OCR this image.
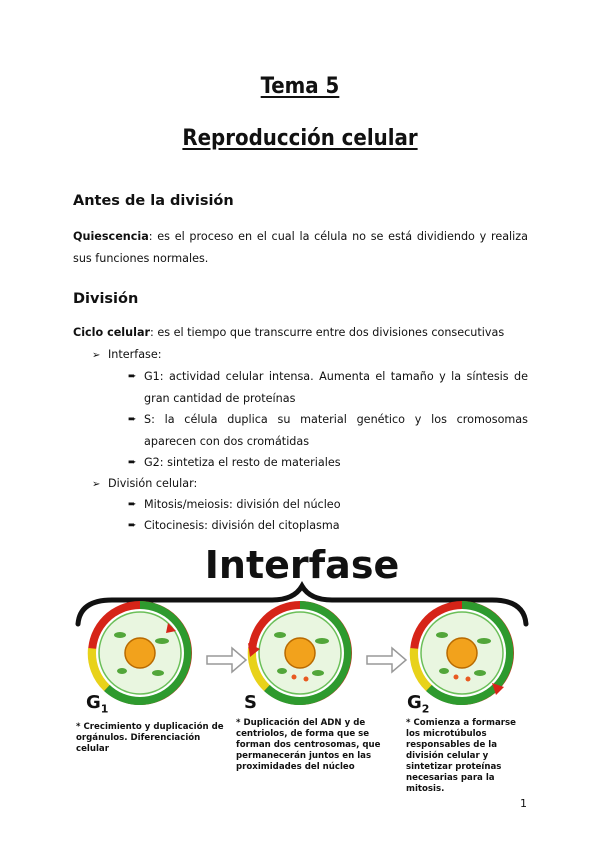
Tema 5
Reproducción celular
Antes de la división
Quiescencia: es el proceso en el cual la célula no se está dividiendo y realiza sus funciones normales.
División
Ciclo celular: es el tiempo que transcurre entre dos divisiones consecutivas
➢ Interfase:
➨ G1: actividad celular intensa. Aumenta el tamaño y la síntesis de gran cantidad de proteínas
➨ S: la célula duplica su material genético y los cromosomas aparecen con dos cromátidas
➨ G2: sintetiza el resto de materiales
➢ División celular:
➨ Mitosis/meiosis: división del núcleo
➨ Citocinesis: división del citoplasma
Interfase
$G_1$	S	$G_2$
* Crecimiento y duplicación de orgánulos. Diferenciación celular
* Duplicación del ADN y de centriolos, de forma que se forman dos centrosomas, que permanecerán juntos en las proximidades del núcleo
* Comienza a formarse los microtúbulos responsables de la división celular y sintetizar proteínas necesarias para la mitosis.
1
